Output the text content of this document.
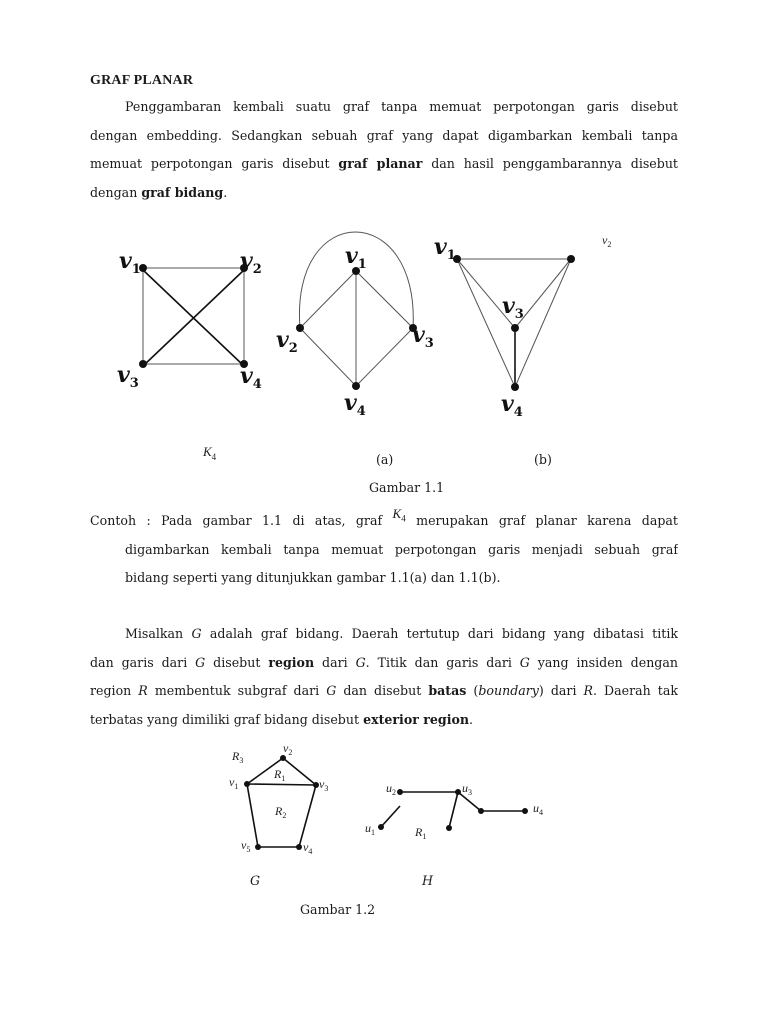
GRAF PLANAR
Penggambaran kembali suatu graf tanpa memuat perpotongan garis disebut
dengan embedding. Sedangkan sebuah graf yang dapat digambarkan kembali tanpa
memuat perpotongan garis disebut graf planar dan hasil penggambarannya disebut
dengan graf bidang.
$v_1$	$v_2$
$v_3$	$v_4$
$K_4$
$v_1$
$v_2$
$v_3$
$v_4$
$v_1$
v2
$v_3$
$v_4$
(a)	(b)
Gambar 1.1
Contoh : Pada gambar 1.1 di atas, graf $K_4$ merupakan graf planar karena dapat
digambarkan kembali tanpa memuat perpotongan garis menjadi sebuah graf
bidang seperti yang ditunjukkan gambar 1.1(a) dan 1.1(b).
Misalkan G adalah graf bidang. Daerah tertutup dari bidang yang dibatasi titik
dan garis dari G disebut region dari G. Titik dan garis dari G yang insiden dengan
region R membentuk subgraf dari G dan disebut batas (boundary) dari R. Daerah tak
terbatas yang dimiliki graf bidang disebut exterior region.
R3
v2
R1
v1	v3
R2
v5	v4
u2	u3
u4
u1	R1
G	H
Gambar 1.2
